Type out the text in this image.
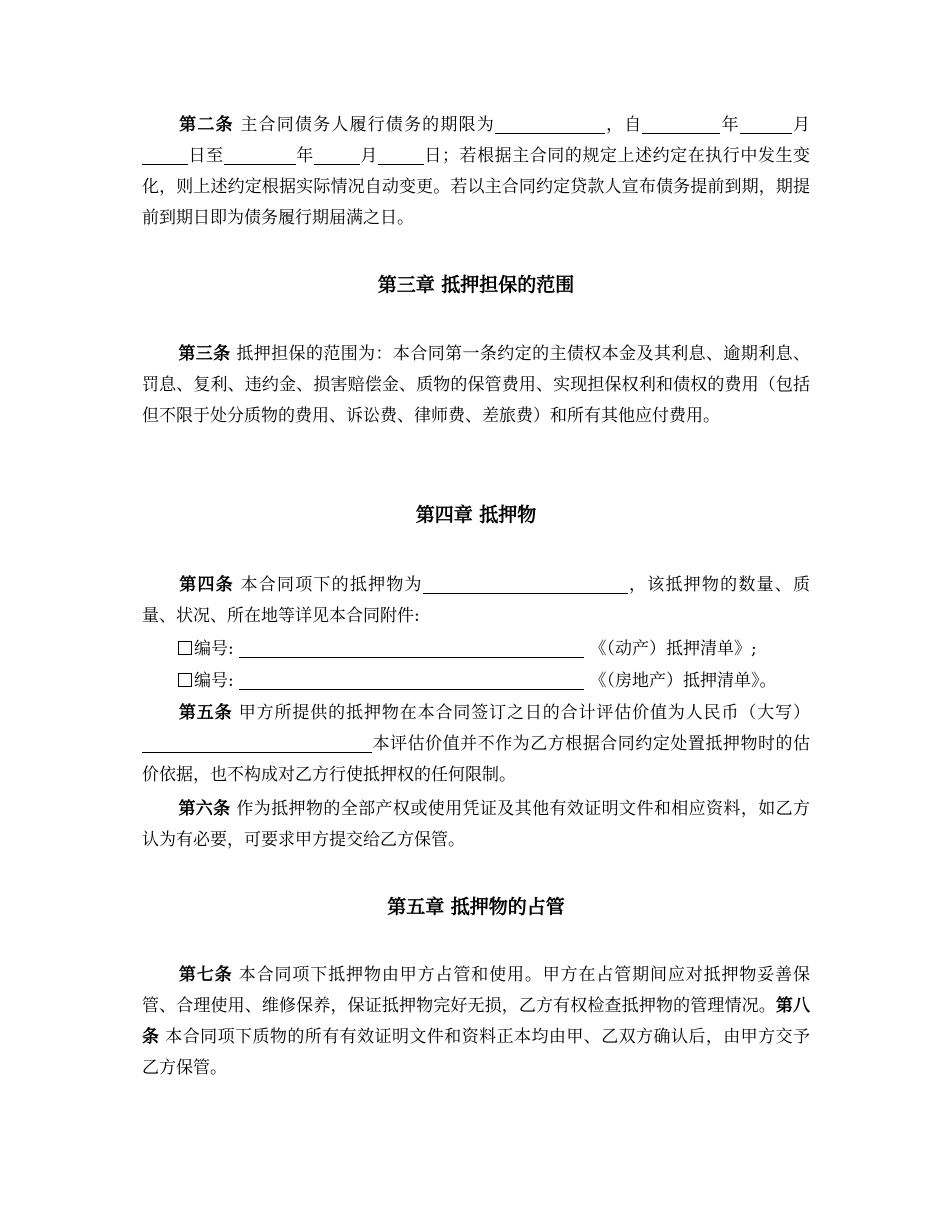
第二条 主合同债务人履行债务的期限为	，自	年	月日至	年	月	日；若根据主合同的规定上述约定在执行中发生变化，则上述约定根据实际情况自动变更。若以主合同约定贷款人宣布债务提前到期，期提前到期日即为债务履行期届满之日。

第三章 抵押担保的范围

第三条 抵押担保的范围为：本合同第一条约定的主债权本金及其利息、逾期利息、罚息、复利、违约金、损害赔偿金、质物的保管费用、实现担保权利和债权的费用（包括但不限于处分质物的费用、诉讼费、律师费、差旅费）和所有其他应付费用。

第四章 抵押物

第四条 本合同项下的抵押物为	，该抵押物的数量、质量、状况、所在地等详见本合同附件:

编号:	《（动产）抵押清单》;
编号:	《（房地产）抵押清单》。

第五条 甲方所提供的抵押物在本合同签订之日的合计评估价值为人民币（大写）本评估价值并不作为乙方根据合同约定处置抵押物时的估价依据，也不构成对乙方行使抵押权的任何限制。

第六条 作为抵押物的全部产权或使用凭证及其他有效证明文件和相应资料，如乙方认为有必要，可要求甲方提交给乙方保管。

第五章 抵押物的占管

第七条 本合同项下抵押物由甲方占管和使用。甲方在占管期间应对抵押物妥善保管、合理使用、维修保养，保证抵押物完好无损，乙方有权检查抵押物的管理情况。第八条 本合同项下质物的所有有效证明文件和资料正本均由甲、乙双方确认后，由甲方交予乙方保管。
